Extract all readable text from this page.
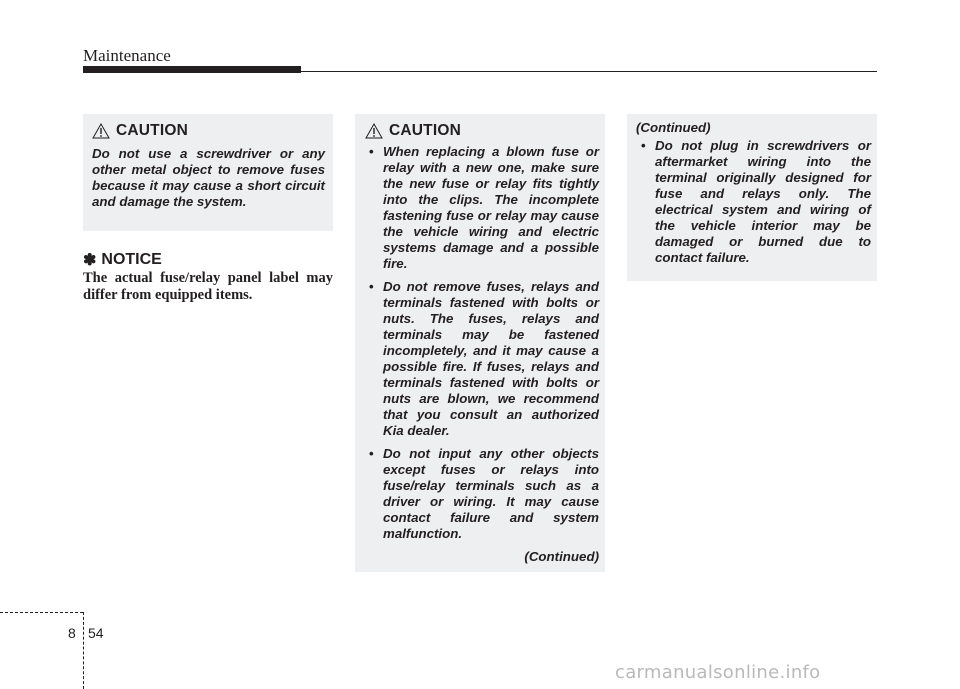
Maintenance
CAUTION
Do not use a screwdriver or any other metal object to remove fuses because it may cause a short circuit and damage the system.
✽ NOTICE
The actual fuse/relay panel label may differ from equipped items.
CAUTION
• When replacing a blown fuse or relay with a new one, make sure the new fuse or relay fits tightly into the clips. The incomplete fastening fuse or relay may cause the vehicle wiring and electric systems damage and a possible fire.
• Do not remove fuses, relays and terminals fastened with bolts or nuts. The fuses, relays and terminals may be fastened incompletely, and it may cause a possible fire. If fuses, relays and terminals fastened with bolts or nuts are blown, we recommend that you consult an authorized Kia dealer.
• Do not input any other objects except fuses or relays into fuse/relay terminals such as a driver or wiring. It may cause contact failure and system malfunction.
(Continued)
(Continued)
• Do not plug in screwdrivers or aftermarket wiring into the terminal originally designed for fuse and relays only. The electrical system and wiring of the vehicle interior may be damaged or burned due to contact failure.
8 54
carmanualsonline.info
